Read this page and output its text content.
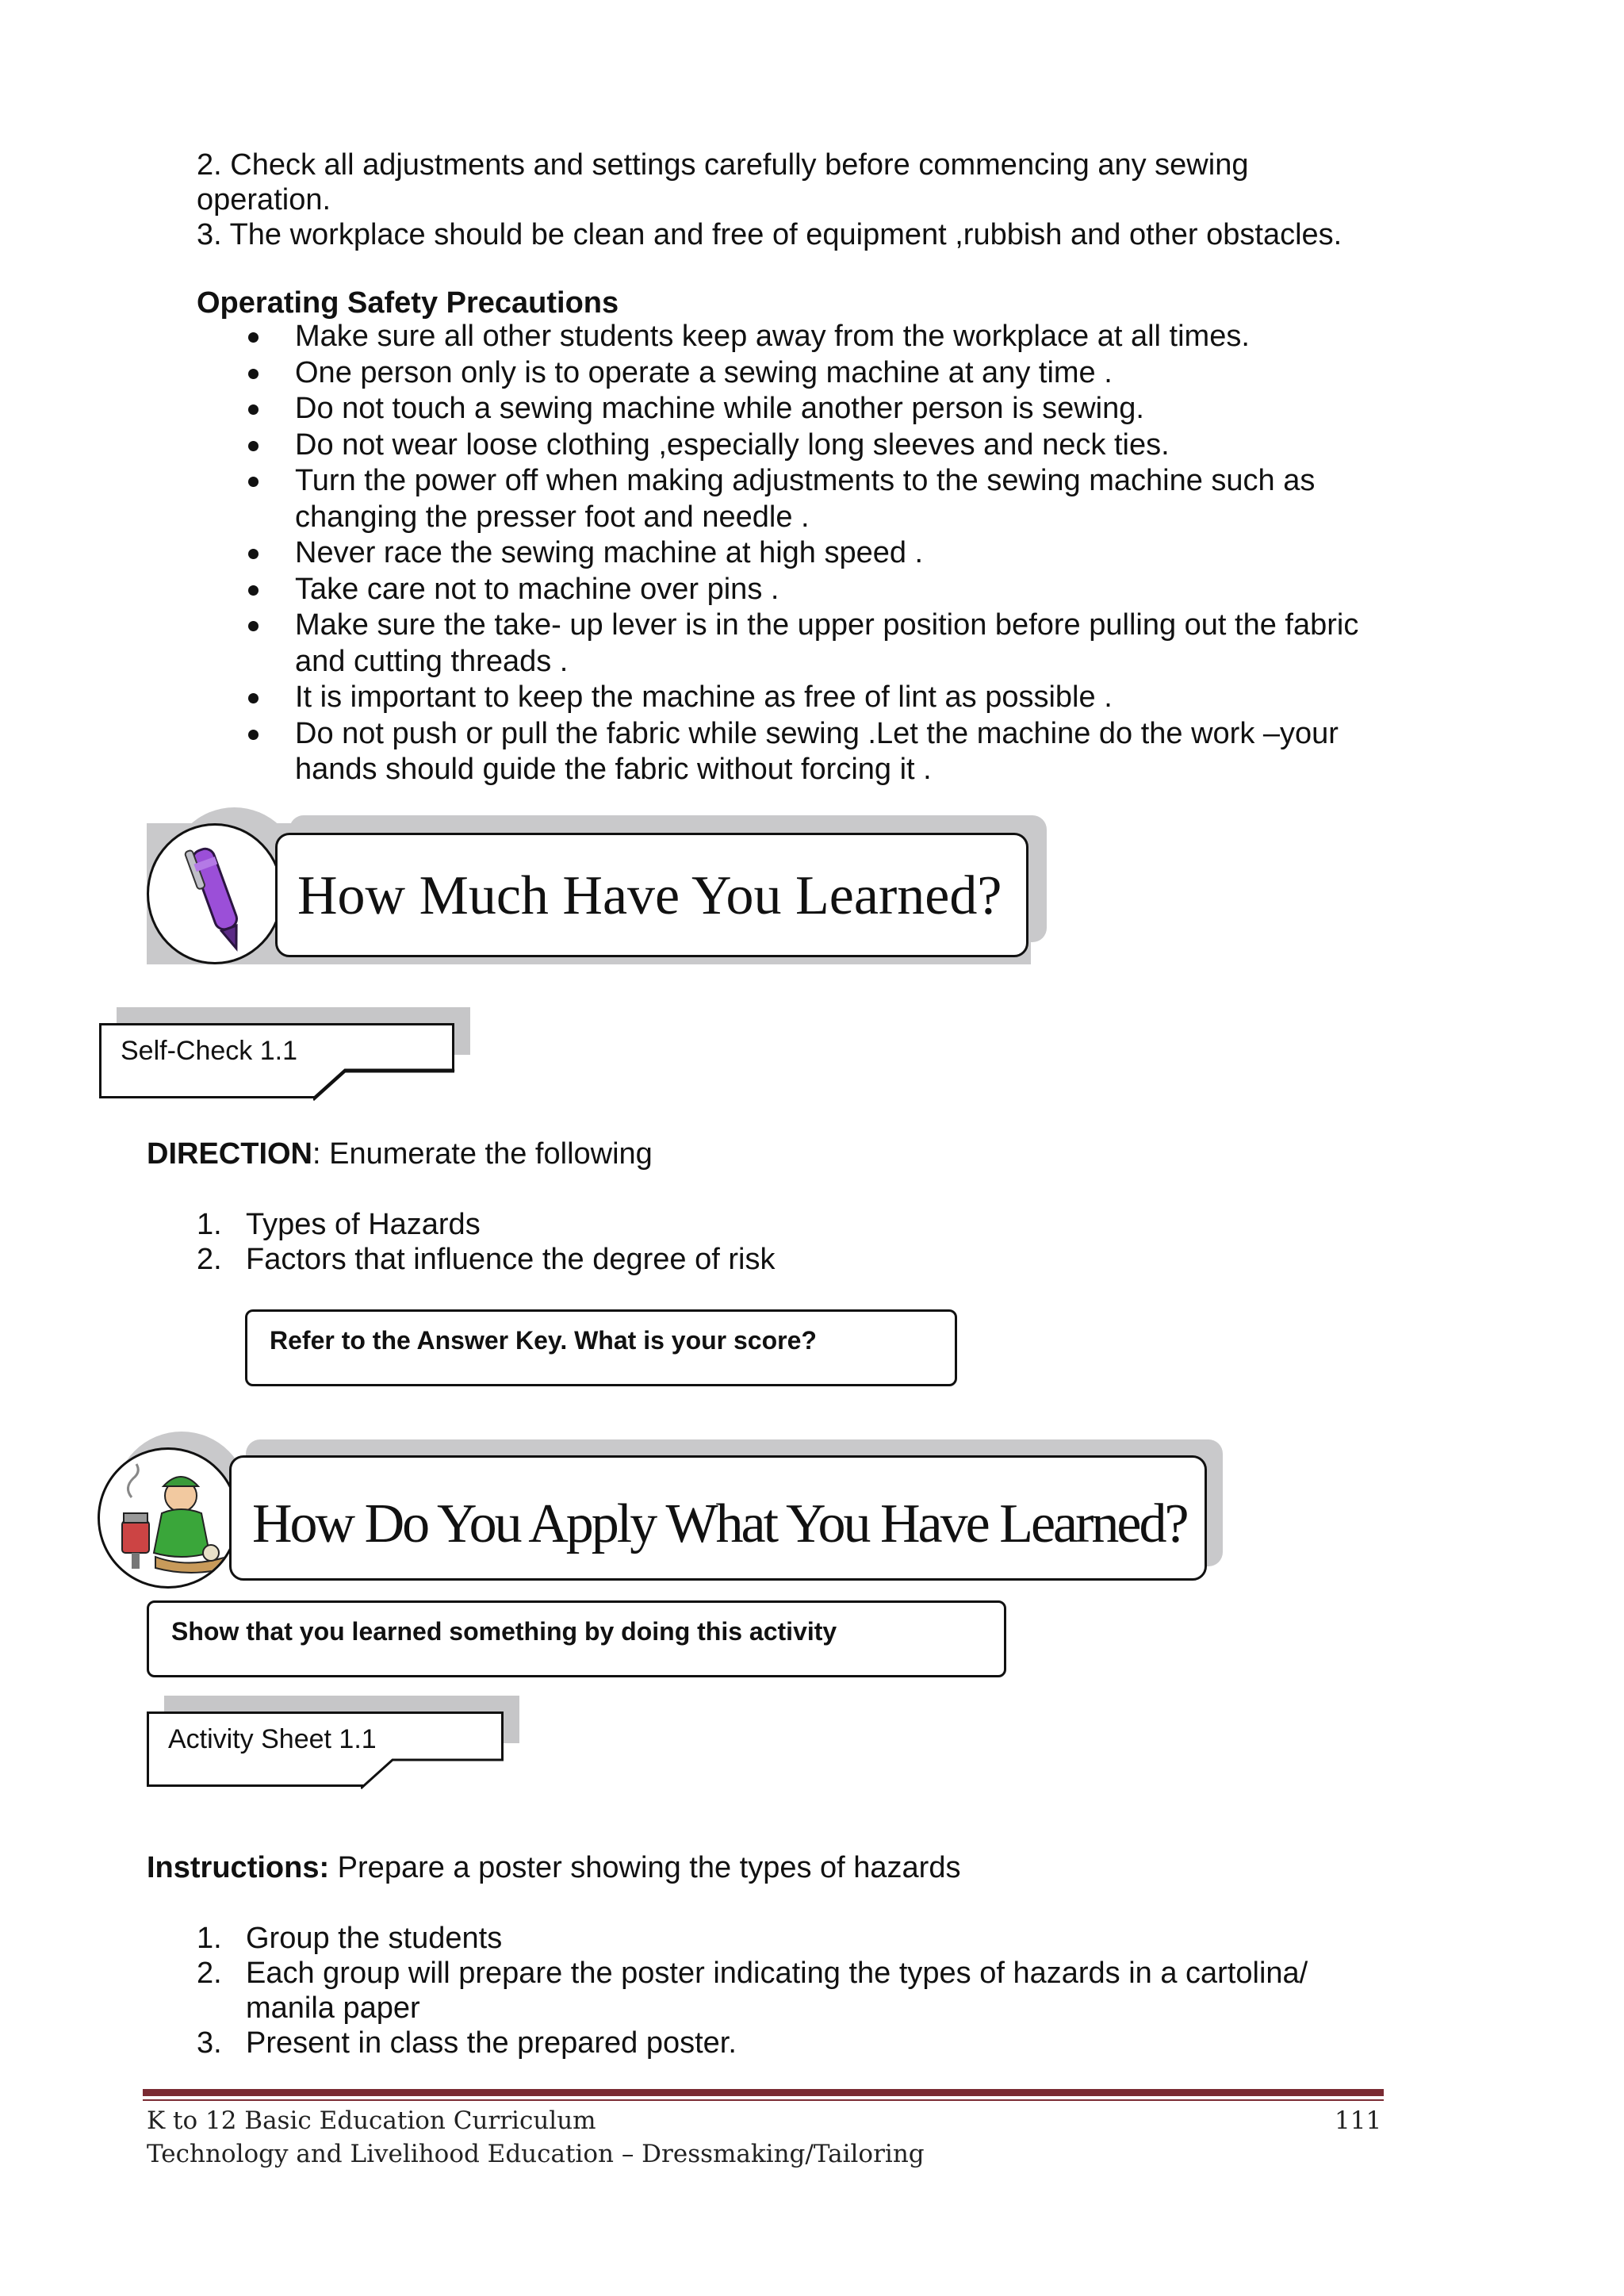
2. Check all adjustments and settings carefully before commencing any sewing
operation.
3. The workplace should be clean and free of equipment ,rubbish and other obstacles.
Operating Safety Precautions
Make sure all other students keep away from the workplace at all times.
One person only is to operate a sewing machine at any time .
Do not touch a sewing machine while another person is sewing.
Do not wear loose clothing ,especially long sleeves and neck ties.
Turn the power off when making adjustments to the sewing machine such as changing the presser foot and needle .
Never race the sewing machine at high speed .
Take care not to machine over pins .
Make sure the take- up lever is in the upper position before pulling out the fabric and cutting threads .
It is important to keep the machine as free of lint as possible .
Do not push or pull the fabric while sewing .Let the machine do the work –your hands should guide the fabric without forcing it .
How Much Have You Learned?
Self-Check 1.1
DIRECTION: Enumerate the following
1. Types of Hazards
2. Factors that influence the degree of risk
Refer to the Answer Key. What is your score?
How Do You Apply What You Have Learned?
Show that you learned something by doing this activity
Activity Sheet 1.1
Instructions: Prepare a poster showing the types of hazards
1. Group the students
2. Each group will prepare the poster indicating the types of hazards in a cartolina/
manila paper
3. Present in class the prepared poster.
K to 12 Basic Education Curriculum
Technology and Livelihood Education – Dressmaking/Tailoring
111
